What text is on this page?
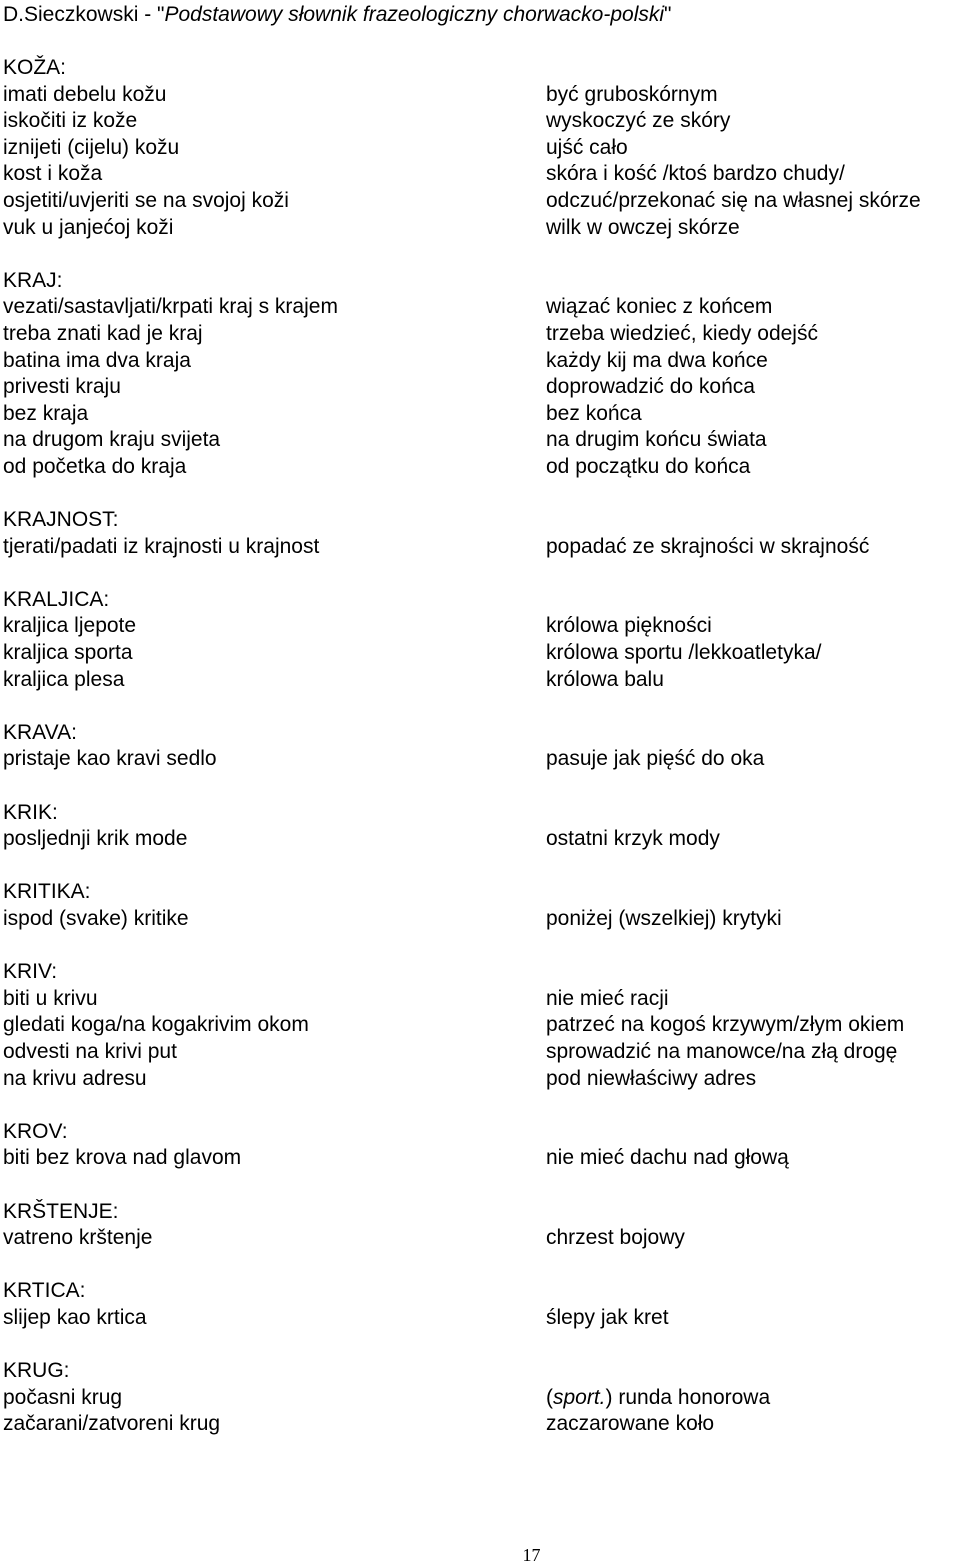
D.Sieczkowski - "Podstawowy słownik frazeologiczny chorwacko-polski"
KOŽA:
imati debelu kožu	być gruboskórnym
iskočiti iz kože	wyskoczyć ze skóry
iznijeti (cijelu) kožu	ujść cało
kost i koža	skóra i kość /ktoś bardzo chudy/
osjetiti/uvjeriti se na svojoj koži	odczuć/przekonać się na własnej skórze
vuk u janjećoj koži	wilk w owczej skórze
KRAJ:
vezati/sastavljati/krpati kraj s krajem	wiązać koniec z końcem
treba znati kad je kraj	trzeba wiedzieć, kiedy odejść
batina ima dva kraja	każdy kij ma dwa końce
privesti kraju	doprowadzić do końca
bez kraja	bez końca
na drugom kraju svijeta	na drugim końcu świata
od početka do kraja	od początku do końca
KRAJNOST:
tjerati/padati iz krajnosti u krajnost	popadać ze skrajności w skrajność
KRALJICA:
kraljica ljepote	królowa piękności
kraljica sporta	królowa sportu /lekkoatletyka/
kraljica plesa	królowa balu
KRAVA:
pristaje kao kravi sedlo	pasuje jak pięść do oka
KRIK:
posljednji krik mode	ostatni krzyk mody
KRITIKA:
ispod (svake) kritike	poniżej (wszelkiej) krytyki
KRIV:
biti u krivu	nie mieć racji
gledati koga/na kogakrivim okom	patrzeć na kogoś krzywym/złym okiem
odvesti na krivi put	sprowadzić na manowce/na złą drogę
na krivu adresu	pod niewłaściwy adres
KROV:
biti bez krova nad glavom	nie mieć dachu nad głową
KRŠTENJE:
vatreno krštenje	chrzest bojowy
KRTICA:
slijep kao krtica	ślepy jak kret
KRUG:
počasni krug	(sport.) runda honorowa
začarani/zatvoreni krug	zaczarowane koło
17
